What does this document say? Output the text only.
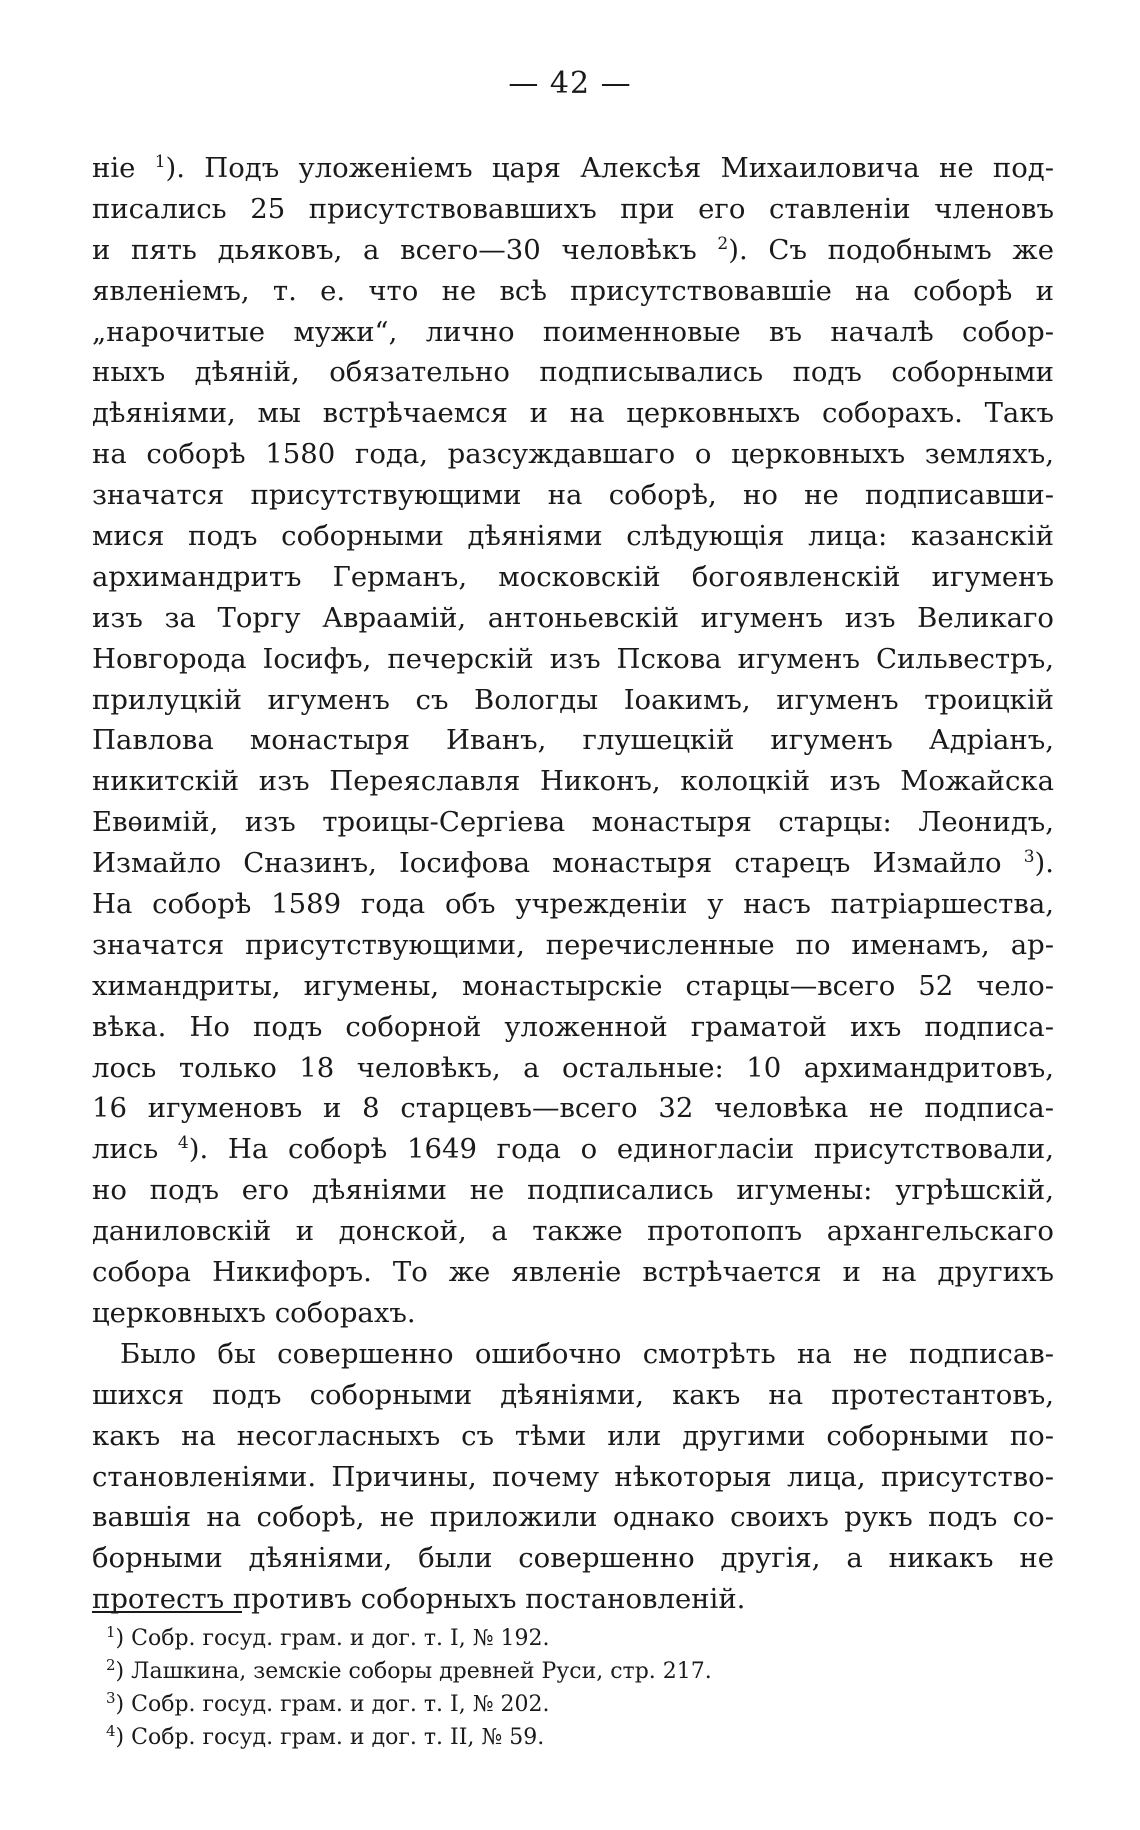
— 42 —
ніе $^1$). Подъ уложеніемъ царя Алексѣя Михаиловича не под-
писались 25 присутствовавшихъ при его ставленіи членовъ
и пять дьяковъ, а всего—30 человѣкъ $^2$). Съ подобнымъ же
явленіемъ, т. е. что не всѣ присутствовавшіе на соборѣ и
„нарочитые мужи“, лично поименновые въ началѣ собор-
ныхъ дѣяній, обязательно подписывались подъ соборными
дѣяніями, мы встрѣчаемся и на церковныхъ соборахъ. Такъ
на соборѣ 1580 года, разсуждавшаго о церковныхъ земляхъ,
значатся присутствующими на соборѣ, но не подписавши-
мися подъ соборными дѣяніями слѣдующія лица: казанскій
архимандритъ Германъ, московскій богоявленскій игуменъ
изъ за Торгу Авраамій, антоньевскій игуменъ изъ Великаго
Новгорода Іосифъ, печерскій изъ Пскова игуменъ Сильвестръ,
прилуцкій игуменъ съ Вологды Іоакимъ, игуменъ троицкій
Павлова монастыря Иванъ, глушецкій игуменъ Адріанъ,
никитскій изъ Переяславля Никонъ, колоцкій изъ Можайска
Евѳимій, изъ троицы-Сергіева монастыря старцы: Леонидъ,
Измайло Сназинъ, Іосифова монастыря старецъ Измайло $^3$).
На соборѣ 1589 года объ учрежденіи у насъ патріаршества,
значатся присутствующими, перечисленные по именамъ, ар-
химандриты, игумены, монастырскіе старцы—всего 52 чело-
вѣка. Но подъ соборной уложенной граматой ихъ подписа-
лось только 18 человѣкъ, а остальные: 10 архимандритовъ,
16 игуменовъ и 8 старцевъ—всего 32 человѣка не подписа-
лись $^4$). На соборѣ 1649 года о единогласіи присутствовали,
но подъ его дѣяніями не подписались игумены: угрѣшскій,
даниловскій и донской, а также протопопъ архангельскаго
собора Никифоръ. То же явленіе встрѣчается и на другихъ
церковныхъ соборахъ.
Было бы совершенно ошибочно смотрѣть на не подписав-
шихся подъ соборными дѣяніями, какъ на протестантовъ,
какъ на несогласныхъ съ тѣми или другими соборными по-
становленіями. Причины, почему нѣкоторыя лица, присутство-
вавшія на соборѣ, не приложили однако своихъ рукъ подъ со-
борными дѣяніями, были совершенно другія, а никакъ не
протестъ противъ соборныхъ постановленій.
$^1$) Собр. госуд. грам. и дог. т. I, № 192.
$^2$) Лашкина, земскіе соборы древней Руси, стр. 217.
$^3$) Собр. госуд. грам. и дог. т. I, № 202.
$^4$) Собр. госуд. грам. и дог. т. II, № 59.
